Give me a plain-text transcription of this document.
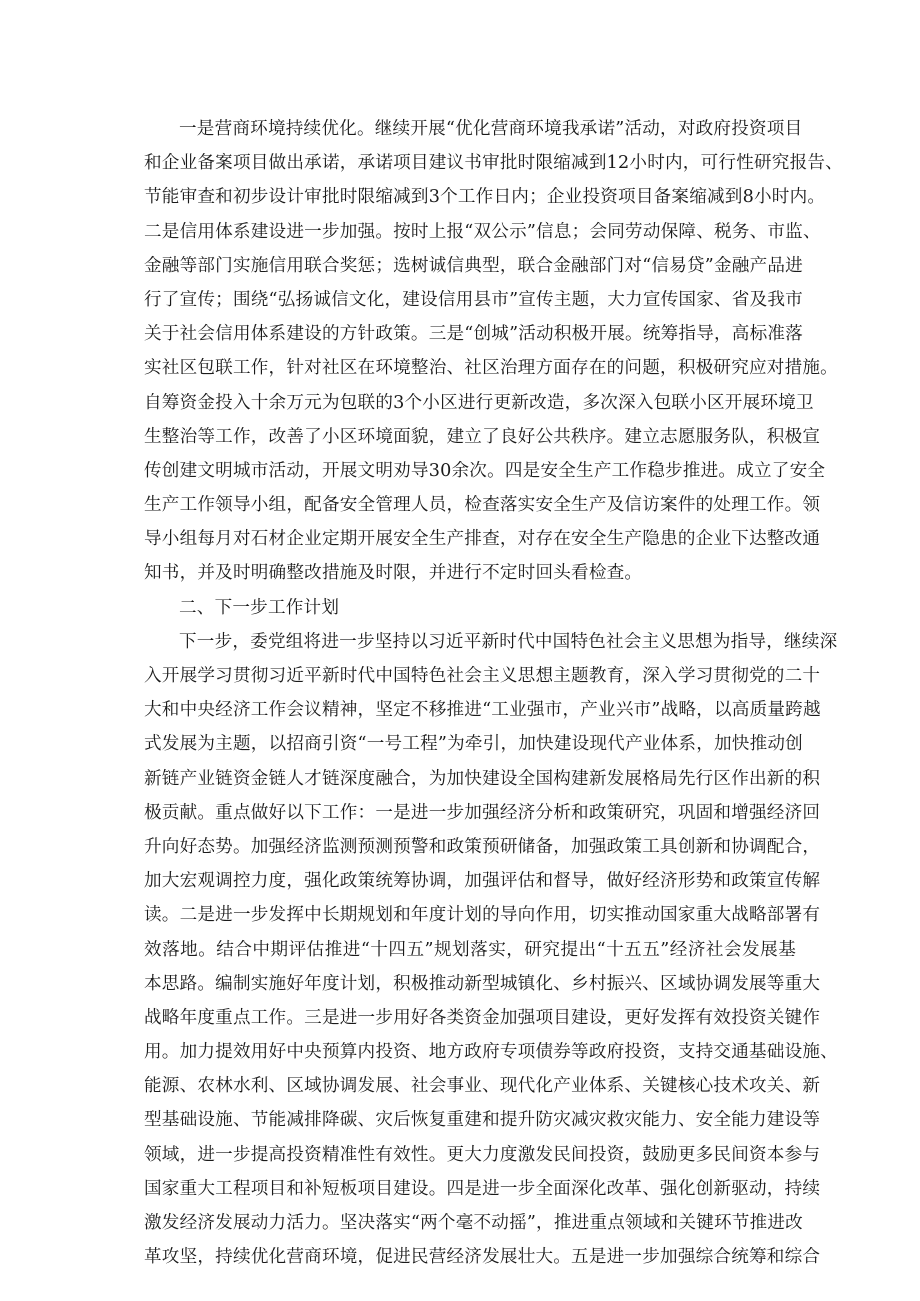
一是营商环境持续优化。继续开展“优化营商环境我承诺”活动，对政府投资项目
和企业备案项目做出承诺，承诺项目建议书审批时限缩减到12小时内，可行性研究报告、
节能审查和初步设计审批时限缩减到3个工作日内；企业投资项目备案缩减到8小时内。
二是信用体系建设进一步加强。按时上报“双公示”信息；会同劳动保障、税务、市监、
金融等部门实施信用联合奖惩；选树诚信典型，联合金融部门对“信易贷”金融产品进
行了宣传；围绕“弘扬诚信文化，建设信用县市”宣传主题，大力宣传国家、省及我市
关于社会信用体系建设的方针政策。三是“创城”活动积极开展。统筹指导，高标准落
实社区包联工作，针对社区在环境整治、社区治理方面存在的问题，积极研究应对措施。
自筹资金投入十余万元为包联的3个小区进行更新改造，多次深入包联小区开展环境卫
生整治等工作，改善了小区环境面貌，建立了良好公共秩序。建立志愿服务队，积极宣
传创建文明城市活动，开展文明劝导30余次。四是安全生产工作稳步推进。成立了安全
生产工作领导小组，配备安全管理人员，检查落实安全生产及信访案件的处理工作。领
导小组每月对石材企业定期开展安全生产排查，对存在安全生产隐患的企业下达整改通
知书，并及时明确整改措施及时限，并进行不定时回头看检查。
二、下一步工作计划
下一步，委党组将进一步坚持以习近平新时代中国特色社会主义思想为指导，继续深
入开展学习贯彻习近平新时代中国特色社会主义思想主题教育，深入学习贯彻党的二十
大和中央经济工作会议精神，坚定不移推进“工业强市，产业兴市”战略，以高质量跨越
式发展为主题，以招商引资“一号工程”为牵引，加快建设现代产业体系，加快推动创
新链产业链资金链人才链深度融合，为加快建设全国构建新发展格局先行区作出新的积
极贡献。重点做好以下工作：一是进一步加强经济分析和政策研究，巩固和增强经济回
升向好态势。加强经济监测预测预警和政策预研储备，加强政策工具创新和协调配合，
加大宏观调控力度，强化政策统筹协调，加强评估和督导，做好经济形势和政策宣传解
读。二是进一步发挥中长期规划和年度计划的导向作用，切实推动国家重大战略部署有
效落地。结合中期评估推进“十四五”规划落实，研究提出“十五五”经济社会发展基
本思路。编制实施好年度计划，积极推动新型城镇化、乡村振兴、区域协调发展等重大
战略年度重点工作。三是进一步用好各类资金加强项目建设，更好发挥有效投资关键作
用。加力提效用好中央预算内投资、地方政府专项债券等政府投资，支持交通基础设施、
能源、农林水利、区域协调发展、社会事业、现代化产业体系、关键核心技术攻关、新
型基础设施、节能减排降碳、灾后恢复重建和提升防灾减灾救灾能力、安全能力建设等
领域，进一步提高投资精准性有效性。更大力度激发民间投资，鼓励更多民间资本参与
国家重大工程项目和补短板项目建设。四是进一步全面深化改革、强化创新驱动，持续
激发经济发展动力活力。坚决落实“两个毫不动摇”，推进重点领域和关键环节推进改
革攻坚，持续优化营商环境，促进民营经济发展壮大。五是进一步加强综合统筹和综合
